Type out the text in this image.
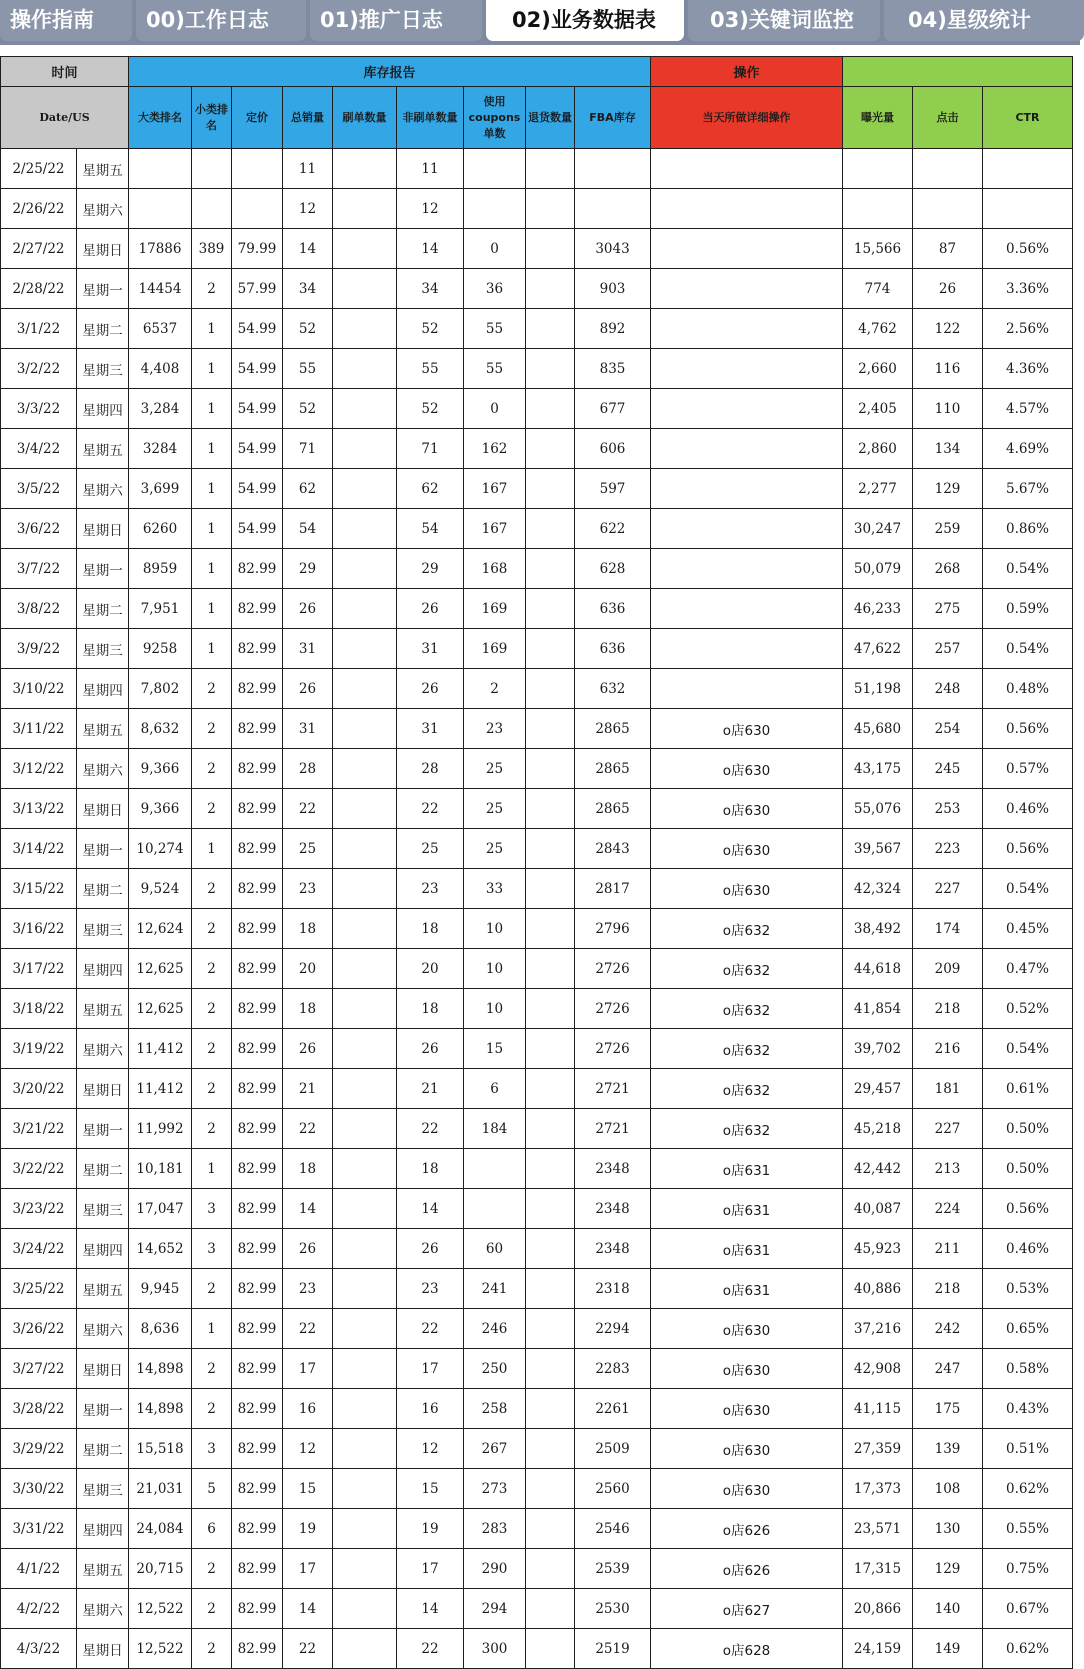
操作指南	00)工作日志	01)推广日志	02)业务数据表	03)关键词监控	04)星级统计
时间		库存报告									操作			
Date/US		大类排名	小类排名	定价	总销量	刷单数量	非刷单数量	使用coupons单数	退货数量	FBA库存	当天所做详细操作	曝光量	点击	CTR
2/25/22	星期五				11		11							
2/26/22	星期六				12		12							
2/27/22	星期日	17886	389	79.99	14		14	0		3043		15,566	87	0.56%
2/28/22	星期一	14454	2	57.99	34		34	36		903		774	26	3.36%
3/1/22	星期二	6537	1	54.99	52		52	55		892		4,762	122	2.56%
3/2/22	星期三	4,408	1	54.99	55		55	55		835		2,660	116	4.36%
3/3/22	星期四	3,284	1	54.99	52		52	0		677		2,405	110	4.57%
3/4/22	星期五	3284	1	54.99	71		71	162		606		2,860	134	4.69%
3/5/22	星期六	3,699	1	54.99	62		62	167		597		2,277	129	5.67%
3/6/22	星期日	6260	1	54.99	54		54	167		622		30,247	259	0.86%
3/7/22	星期一	8959	1	82.99	29		29	168		628		50,079	268	0.54%
3/8/22	星期二	7,951	1	82.99	26		26	169		636		46,233	275	0.59%
3/9/22	星期三	9258	1	82.99	31		31	169		636		47,622	257	0.54%
3/10/22	星期四	7,802	2	82.99	26		26	2		632		51,198	248	0.48%
3/11/22	星期五	8,632	2	82.99	31		31	23		2865	o店630	45,680	254	0.56%
3/12/22	星期六	9,366	2	82.99	28		28	25		2865	o店630	43,175	245	0.57%
3/13/22	星期日	9,366	2	82.99	22		22	25		2865	o店630	55,076	253	0.46%
3/14/22	星期一	10,274	1	82.99	25		25	25		2843	o店630	39,567	223	0.56%
3/15/22	星期二	9,524	2	82.99	23		23	33		2817	o店630	42,324	227	0.54%
3/16/22	星期三	12,624	2	82.99	18		18	10		2796	o店632	38,492	174	0.45%
3/17/22	星期四	12,625	2	82.99	20		20	10		2726	o店632	44,618	209	0.47%
3/18/22	星期五	12,625	2	82.99	18		18	10		2726	o店632	41,854	218	0.52%
3/19/22	星期六	11,412	2	82.99	26		26	15		2726	o店632	39,702	216	0.54%
3/20/22	星期日	11,412	2	82.99	21		21	6		2721	o店632	29,457	181	0.61%
3/21/22	星期一	11,992	2	82.99	22		22	184		2721	o店632	45,218	227	0.50%
3/22/22	星期二	10,181	1	82.99	18		18			2348	o店631	42,442	213	0.50%
3/23/22	星期三	17,047	3	82.99	14		14			2348	o店631	40,087	224	0.56%
3/24/22	星期四	14,652	3	82.99	26		26	60		2348	o店631	45,923	211	0.46%
3/25/22	星期五	9,945	2	82.99	23		23	241		2318	o店631	40,886	218	0.53%
3/26/22	星期六	8,636	1	82.99	22		22	246		2294	o店630	37,216	242	0.65%
3/27/22	星期日	14,898	2	82.99	17		17	250		2283	o店630	42,908	247	0.58%
3/28/22	星期一	14,898	2	82.99	16		16	258		2261	o店630	41,115	175	0.43%
3/29/22	星期二	15,518	3	82.99	12		12	267		2509	o店630	27,359	139	0.51%
3/30/22	星期三	21,031	5	82.99	15		15	273		2560	o店630	17,373	108	0.62%
3/31/22	星期四	24,084	6	82.99	19		19	283		2546	o店626	23,571	130	0.55%
4/1/22	星期五	20,715	2	82.99	17		17	290		2539	o店626	17,315	129	0.75%
4/2/22	星期六	12,522	2	82.99	14		14	294		2530	o店627	20,866	140	0.67%
4/3/22	星期日	12,522	2	82.99	22		22	300		2519	o店628	24,159	149	0.62%
